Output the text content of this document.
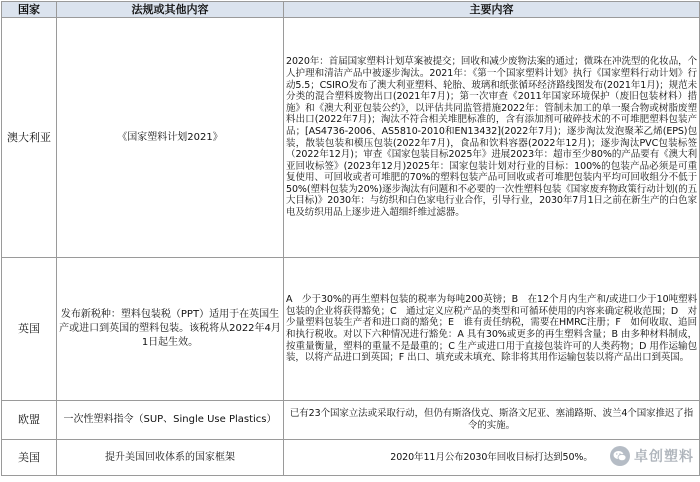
国家	法规或其他内容	主要内容
澳大利亚	《国家塑料计划2021》	2020年：首届国家塑料计划草案被提交；回收和减少废物法案的通过；微珠在冲洗型的化妆品，个人护理和清洁产品中被逐步淘汰。2021年：《第一个国家塑料计划》执行《国家塑料行动计划》行动5.5；CSIRO发布了澳大利亚塑料、轮胎、玻璃和纸张循环经济路线图发布(2021年1月)；规范未分类的混合塑料废物出口(2021年7月)；第一次审查《2011年国家环境保护（废旧包装材料）措施》和《澳大利亚包装公约》，以评估共同监管措施2022年：管制未加工的单一聚合物或树脂废塑料出口(2022年7月)；淘汰不符合相关堆肥标准的，含有添加剂可破碎技术的不可堆肥塑料包装产品；[AS4736-2006、AS5810-2010和EN13432](2022年7月)；逐步淘汰发泡聚苯乙烯(EPS)包装，散装包装和模压包装(2022年7月)，食品和饮料容器(2022年12月)；逐步淘汰PVC包装标签（2022年12月)；审查《国家包装目标2025年》进展2023年：超市至少80%的产品要有《澳大利亚回收标签》(2023年12月)2025年：国家包装计划对行业的目标：100%的包装产品必须是可重复使用、可回收或者可堆肥的70%的塑料包装产品可回收或者可堆肥包装内平均可回收组分不低于50%(塑料包装为20%)逐步淘汰有问题和不必要的一次性塑料包装《国家废弃物政策行动计划(的五大目标)》2030年：与纺织和白色家电行业合作，引导行业，2030年7月1日之前在新生产的白色家电及纺织用品上逐步进入超细纤维过滤器。
英国	发布新税种：塑料包装税（PPT）适用于在英国生产或进口到英国的塑料包装。该税将从2022年4月1日起生效。	A　少于30%的再生塑料包装的税率为每吨200英镑；B　在12个月内生产和/或进口少于10吨塑料包装的企业将获得豁免；C　通过定义应税产品的类型和可循环使用的内容来确定税收范围；D　对少量塑料包装生产者和进口商的豁免；E　谁有责任纳税，需要在HMRC注册；F　如何收取、追回和执行税收。对以下六种情况进行豁免：A 具有30%或更多的再生塑料含量；B 由多种材料制成，按重量衡量，塑料的重量不是最重的；C 生产或进口用于直接包装许可的人类药物；D 用作运输包装，以将产品进口到英国；F 出口、填充或未填充、除非将其用作运输包装以将产品出口到英国。
欧盟	一次性塑料指令（SUP、Single Use Plastics）	已有23个国家立法或采取行动，但仍有斯洛伐克、斯洛文尼亚、塞浦路斯、波兰4个国家推迟了指令的实施。
美国	提升美国回收体系的国家框架	2020年11月公布2030年回收目标打达到50%。	卓创塑料
